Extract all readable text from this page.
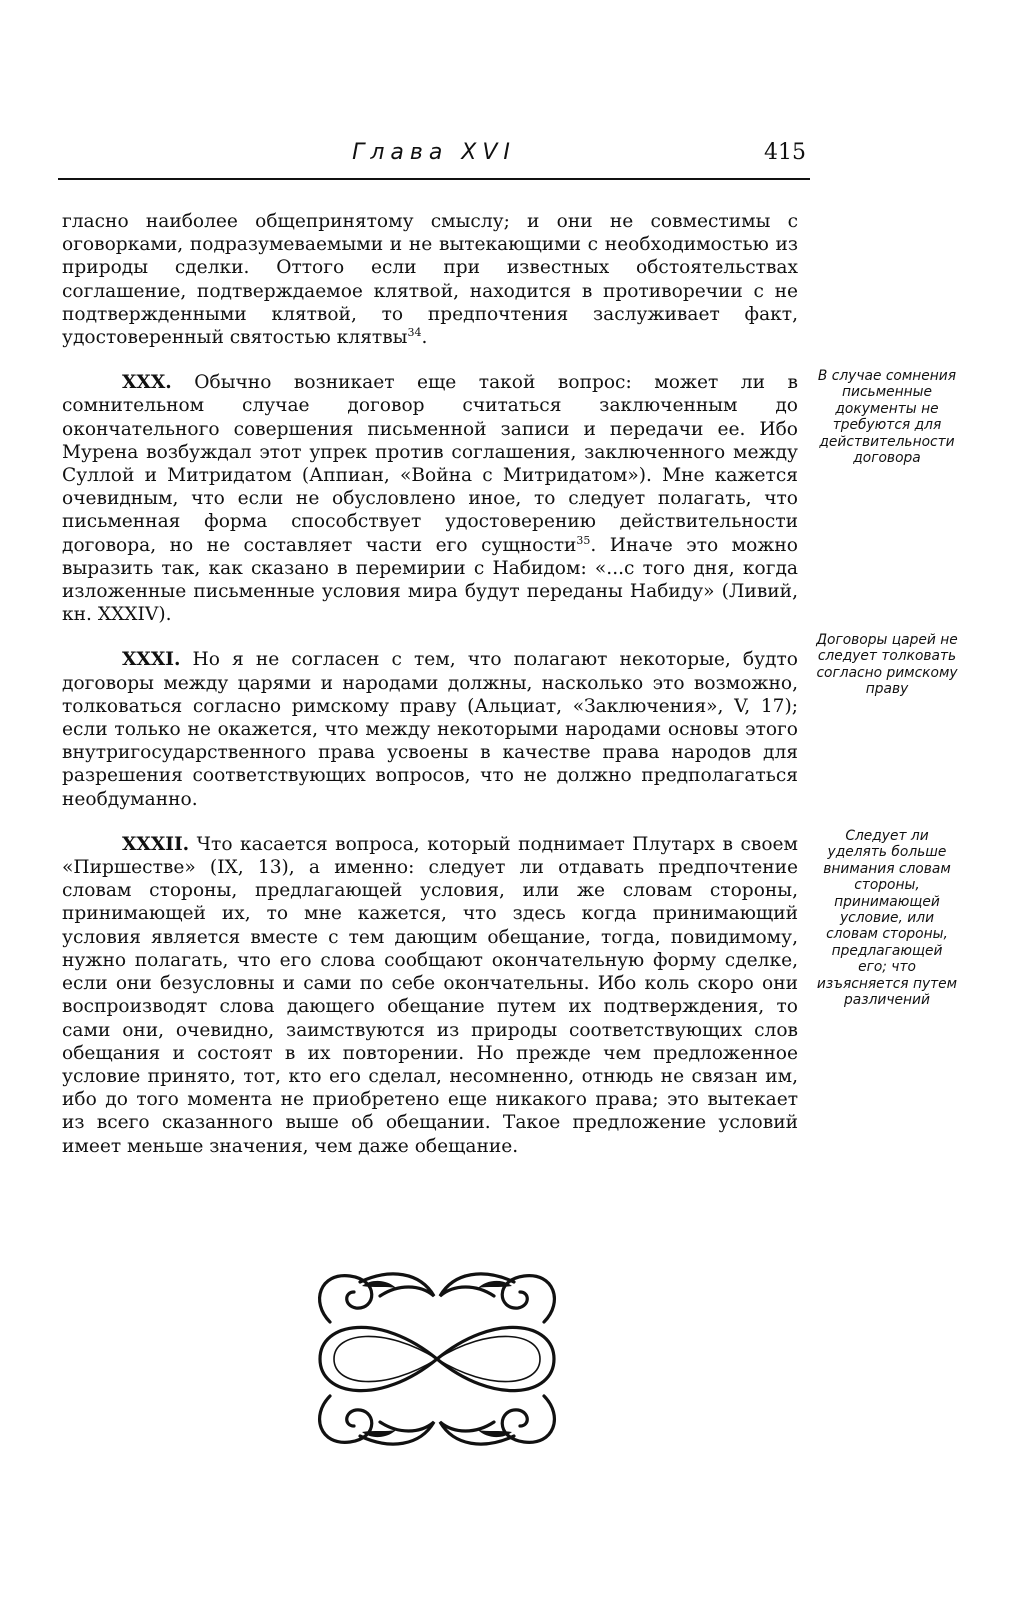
Глава XVI	415

гласно наиболее общепринятому смыслу; и они не совместимы с оговорками, подразумеваемыми и не вытекающими с необходимостью из природы сделки. Оттого если при известных обстоятельствах соглашение, подтверждаемое клятвой, находится в противоречии с не подтвержденными клятвой, то предпочтения заслуживает факт, удостоверенный святостью клятвы$^{34}$.

XXX. Обычно возникает еще такой вопрос: может ли в сомнительном случае договор считаться заключенным до окончательного совершения письменной записи и передачи ее. Ибо Мурена возбуждал этот упрек против соглашения, заключенного между Суллой и Митридатом (Аппиан, «Война с Митридатом»). Мне кажется очевидным, что если не обусловлено иное, то следует полагать, что письменная форма способствует удостоверению действительности договора, но не составляет части его сущности$^{35}$. Иначе это можно выразить так, как сказано в перемирии с Набидом: «...с того дня, когда изложенные письменные условия мира будут переданы Набиду» (Ливий, кн. XXXIV).

XXXI. Но я не согласен с тем, что полагают некоторые, будто договоры между царями и народами должны, насколько это возможно, толковаться согласно римскому праву (Альциат, «Заключения», V, 17); если только не окажется, что между некоторыми народами основы этого внутригосударственного права усвоены в качестве права народов для разрешения соответствующих вопросов, что не должно предполагаться необдуманно.

XXXII. Что касается вопроса, который поднимает Плутарх в своем «Пиршестве» (IX, 13), а именно: следует ли отдавать предпочтение словам стороны, предлагающей условия, или же словам стороны, принимающей их, то мне кажется, что здесь когда принимающий условия является вместе с тем дающим обещание, тогда, повидимому, нужно полагать, что его слова сообщают окончательную форму сделке, если они безусловны и сами по себе окончательны. Ибо коль скоро они воспроизводят слова дающего обещание путем их подтверждения, то сами они, очевидно, заимствуются из природы соответствующих слов обещания и состоят в их повторении. Но прежде чем предложенное условие принято, тот, кто его сделал, несомненно, отнюдь не связан им, ибо до того момента не приобретено еще никакого права; это вытекает из всего сказанного выше об обещании. Такое предложение условий имеет меньше значения, чем даже обещание.

В случае сомнения письменные документы не требуются для действительности договора
Договоры царей не следует толковать согласно римскому праву
Следует ли уделять больше внимания словам стороны, принимающей условие, или словам стороны, предлагающей его; что изъясняется путем различений
